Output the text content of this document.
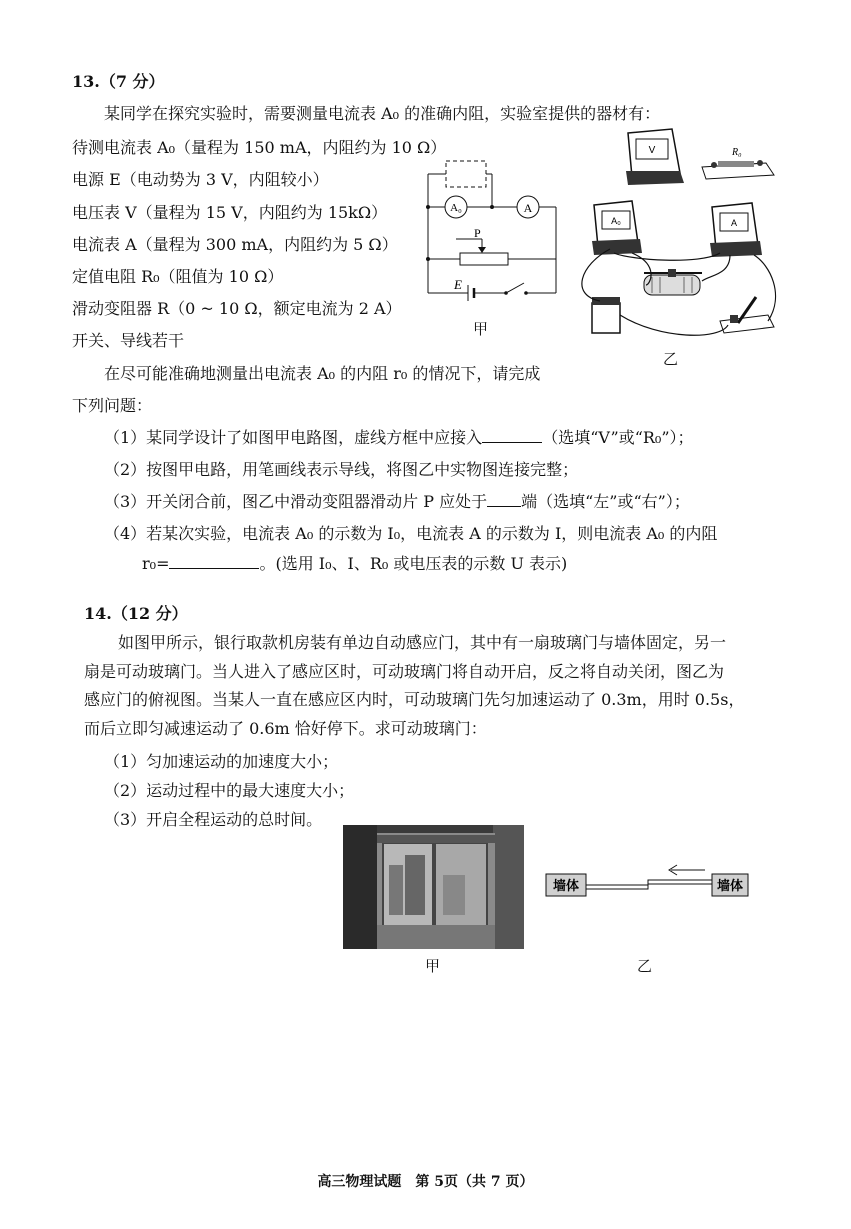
13.（7 分）
某同学在探究实验时，需要测量电流表 A₀ 的准确内阻，实验室提供的器材有：
待测电流表 A₀（量程为 150 mA，内阻约为 10 Ω）
电源 E（电动势为 3 V，内阻较小）
电压表 V（量程为 15 V，内阻约为 15kΩ）
电流表 A（量程为 300 mA，内阻约为 5 Ω）
定值电阻 R₀（阻值为 10 Ω）
滑动变阻器 R（0 ~ 10 Ω，额定电流为 2 A）
开关、导线若干
在尽可能准确地测量出电流表 A₀ 的内阻 r₀ 的情况下，请完成
下列问题：
（1）某同学设计了如图甲电路图，虚线方框中应接入	（选填“V”或“R₀”）；
（2）按图甲电路，用笔画线表示导线，将图乙中实物图连接完整；
（3）开关闭合前，图乙中滑动变阻器滑动片 P 应处于 端（选填“左”或“右”）；
（4）若某次实验，电流表 A₀ 的示数为 I₀，电流表 A 的示数为 I，则电流表 A₀ 的内阻
r₀=	。(选用 I₀、I、R₀ 或电压表的示数 U 表示)
A₀	A
P
E
甲
V	R₀
A₀	A
乙
14.（12 分）
如图甲所示，银行取款机房装有单边自动感应门，其中有一扇玻璃门与墙体固定，另一
扇是可动玻璃门。当人进入了感应区时，可动玻璃门将自动开启，反之将自动关闭，图乙为
感应门的俯视图。当某人一直在感应区内时，可动玻璃门先匀加速运动了 0.3m，用时 0.5s，
而后立即匀减速运动了 0.6m 恰好停下。求可动玻璃门：
（1）匀加速运动的加速度大小；
（2）运动过程中的最大速度大小；
（3）开启全程运动的总时间。
甲
墙体	墙体
乙
高三物理试题　第 5页（共 7 页）
